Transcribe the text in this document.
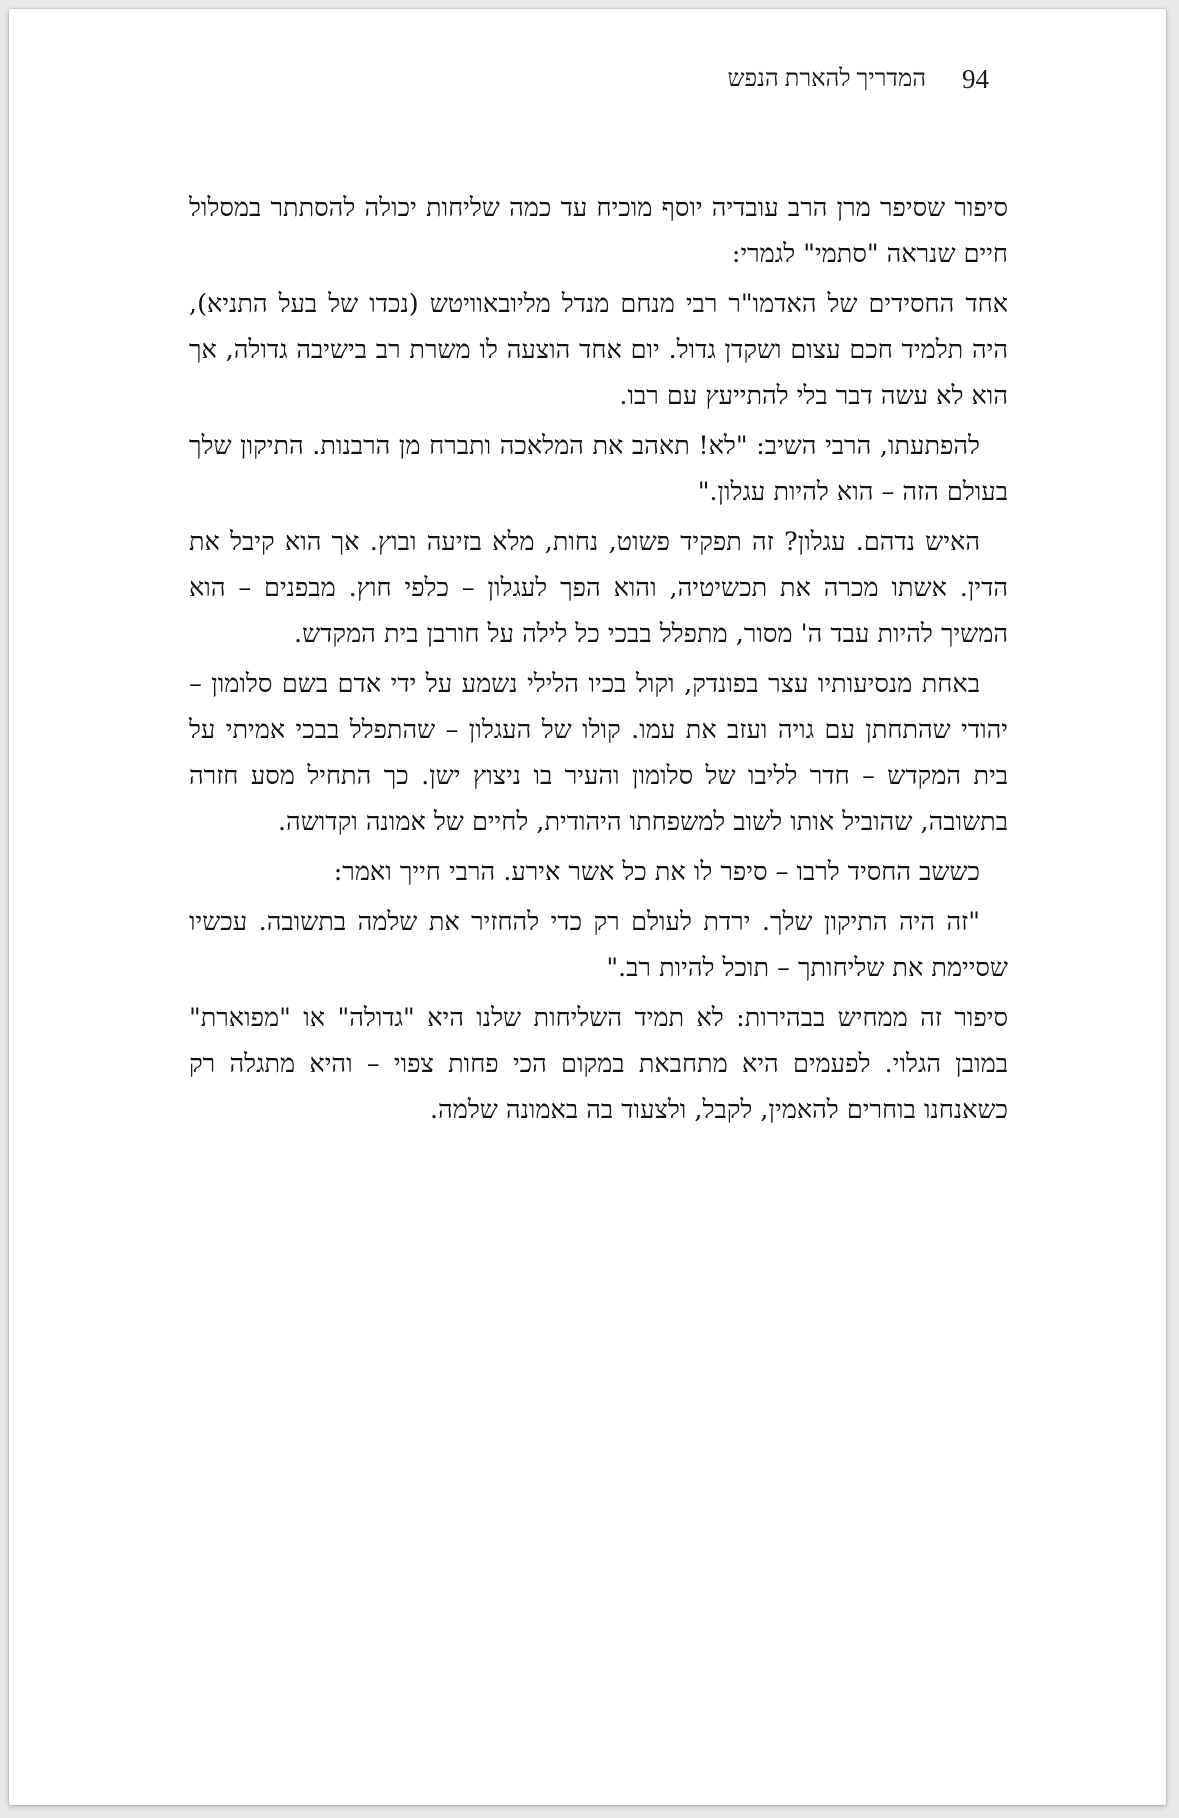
94
המדריך להארת הנפש

סיפור שסיפר מרן הרב עובדיה יוסף מוכיח עד כמה שליחות יכולה להסתתר במסלול חיים שנראה "סתמי" לגמרי:

אחד החסידים של האדמו"ר רבי מנחם מנדל מליובאוויטש (נכדו של בעל התניא), היה תלמיד חכם עצום ושקדן גדול. יום אחד הוצעה לו משרת רב בישיבה גדולה, אך הוא לא עשה דבר בלי להתייעץ עם רבו.

להפתעתו, הרבי השיב: "לא! תאהב את המלאכה ותברח מן הרבנות. התיקון שלך בעולם הזה – הוא להיות עגלון."

האיש נדהם. עגלון? זה תפקיד פשוט, נחות, מלא בזיעה ובוץ. אך הוא קיבל את הדין. אשתו מכרה את תכשיטיה, והוא הפך לעגלון – כלפי חוץ. מבפנים – הוא המשיך להיות עבד ה' מסור, מתפלל בבכי כל לילה על חורבן בית המקדש.

באחת מנסיעותיו עצר בפונדק, וקול בכיו הלילי נשמע על ידי אדם בשם סלומון – יהודי שהתחתן עם גויה ועזב את עמו. קולו של העגלון – שהתפלל בבכי אמיתי על בית המקדש – חדר לליבו של סלומון והעיר בו ניצוץ ישן. כך התחיל מסע חזרה בתשובה, שהוביל אותו לשוב למשפחתו היהודית, לחיים של אמונה וקדושה.

כששב החסיד לרבו – סיפר לו את כל אשר אירע. הרבי חייך ואמר:

"זה היה התיקון שלך. ירדת לעולם רק כדי להחזיר את שלמה בתשובה. עכשיו שסיימת את שליחותך – תוכל להיות רב."

סיפור זה ממחיש בבהירות: לא תמיד השליחות שלנו היא "גדולה" או "מפוארת" במובן הגלוי. לפעמים היא מתחבאת במקום הכי פחות צפוי – והיא מתגלה רק כשאנחנו בוחרים להאמין, לקבל, ולצעוד בה באמונה שלמה.
